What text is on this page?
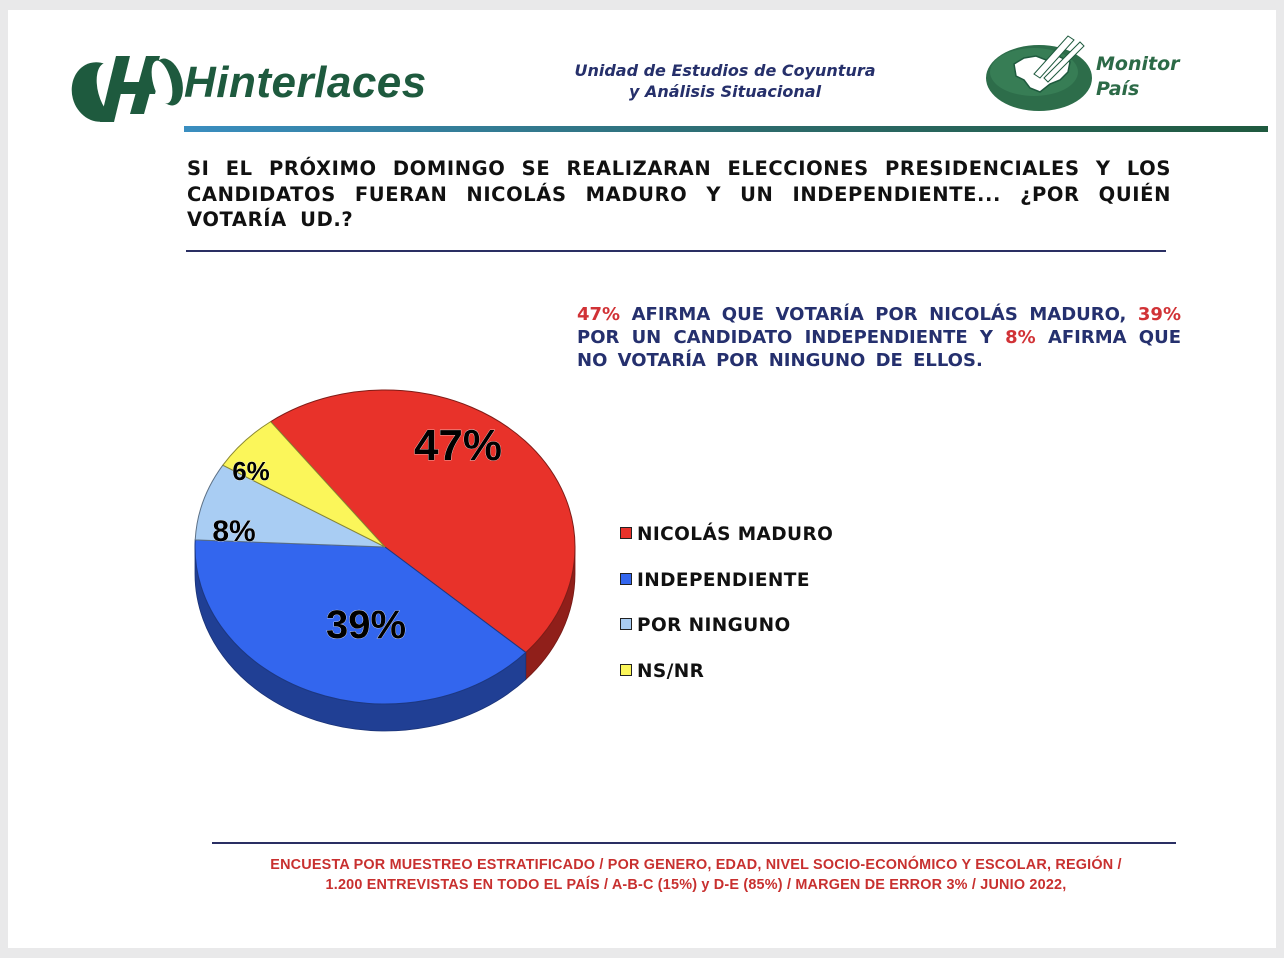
Hinterlaces	Unidad de Estudios de Coyuntura
y Análisis Situacional
Monitor
País
SI EL PRÓXIMO DOMINGO SE REALIZARAN ELECCIONES PRESIDENCIALES Y LOS CANDIDATOS FUERAN NICOLÁS MADURO Y UN INDEPENDIENTE... ¿POR QUIÉN VOTARÍA UD.?
47% AFIRMA QUE VOTARÍA POR NICOLÁS MADURO, 39% POR UN CANDIDATO INDEPENDIENTE Y 8% AFIRMA QUE NO VOTARÍA POR NINGUNO DE ELLOS.
47%
39%
8%
6%
NICOLÁS MADURO
INDEPENDIENTE
POR NINGUNO
NS/NR
ENCUESTA POR MUESTREO ESTRATIFICADO / POR GENERO, EDAD, NIVEL SOCIO-ECONÓMICO Y ESCOLAR, REGIÓN /
1.200 ENTREVISTAS EN TODO EL PAÍS / A-B-C (15%) y D-E (85%) / MARGEN DE ERROR 3% / JUNIO 2022,
